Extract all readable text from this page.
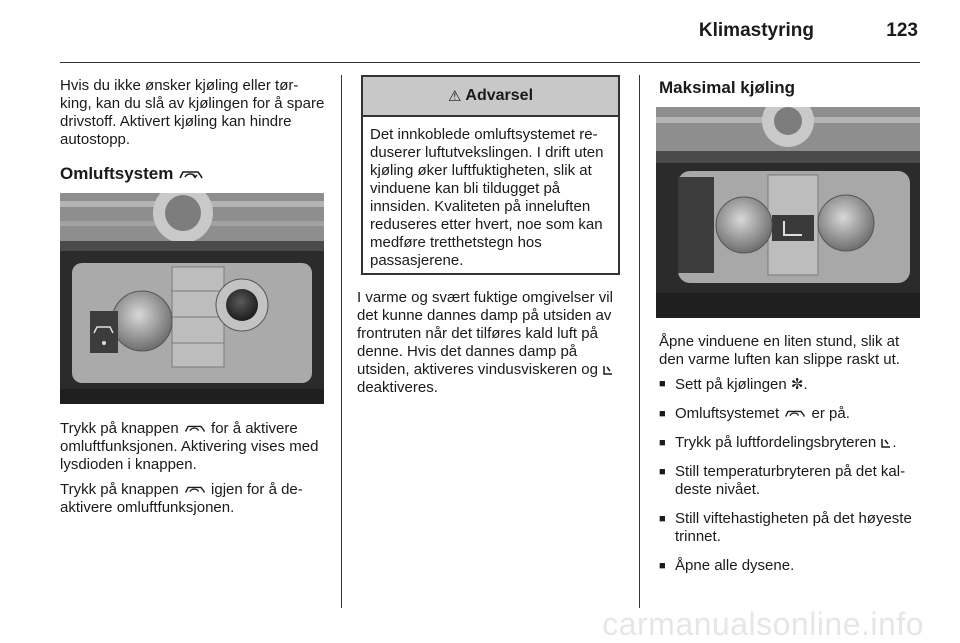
Klimastyring	123

Hvis du ikke ønsker kjøling eller tør-king, kan du slå av kjølingen for å spare drivstoff. Aktivert kjøling kan hindre autostopp.

Omluftsystem

Trykk på knappen for å aktivere omluftfunksjonen. Aktivering vises med lysdioden i knappen.

Trykk på knappen igjen for å de-aktivere omluftfunksjonen.

⚠ Advarsel
Det innkoblede omluftsystemet re-duserer luftutvekslingen. I drift uten kjøling øker luftfuktigheten, slik at vinduene kan bli tildugget på innsiden. Kvaliteten på inneluften reduseres etter hvert, noe som kan medføre tretthetstegn hos passasjerene.

I varme og svært fuktige omgivelser vil det kunne dannes damp på utsiden av frontruten når det tilføres kald luft på denne. Hvis det dannes damp på utsiden, aktiveres vindusviskeren og  deaktiveres.

Maksimal kjøling
Åpne vinduene en liten stund, slik at den varme luften kan slippe raskt ut.
■ Sett på kjølingen ✼.
■ Omluftsystemet er på.
■ Trykk på luftfordelingsbryteren .
■ Still temperaturbryteren på det kal-deste nivået.
■ Still viftehastigheten på det høyeste trinnet.
■ Åpne alle dysene.
carmanualsonline.info
